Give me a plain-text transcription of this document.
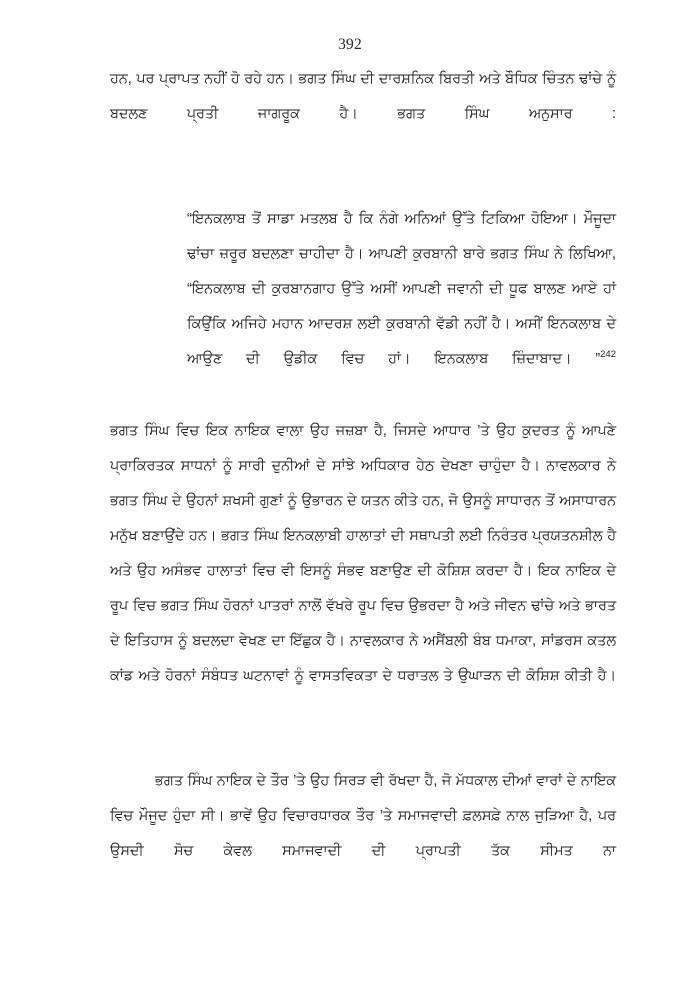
392

ਹਨ, ਪਰ ਪ੍ਰਾਪਤ ਨਹੀਂ ਹੋ ਰਹੇ ਹਨ। ਭਗਤ ਸਿੰਘ ਦੀ ਦਾਰਸ਼ਨਿਕ ਬਿਰਤੀ ਅਤੇ ਬੌਧਿਕ ਚਿੰਤਨ ਢਾਂਚੇ ਨੂੰ ਬਦਲਣ ਪ੍ਰਤੀ ਜਾਗਰੂਕ ਹੈ। ਭਗਤ ਸਿੰਘ ਅਨੁਸਾਰ :

“ਇਨਕਲਾਬ ਤੋਂ ਸਾਡਾ ਮਤਲਬ ਹੈ ਕਿ ਨੰਗੇ ਅਨਿਆਂ ਉੱਤੇ ਟਿਕਿਆ ਹੋਇਆ। ਮੌਜੂਦਾ ਢਾਂਚਾ ਜ਼ਰੂਰ ਬਦਲਣਾ ਚਾਹੀਦਾ ਹੈ। ਆਪਣੀ ਕੁਰਬਾਨੀ ਬਾਰੇ ਭਗਤ ਸਿੰਘ ਨੇ ਲਿਖਿਆ, “ਇਨਕਲਾਬ ਦੀ ਕੁਰਬਾਨਗਾਹ ਉੱਤੇ ਅਸੀਂ ਆਪਣੀ ਜਵਾਨੀ ਦੀ ਧੂਫ ਬਾਲਣ ਆਏ ਹਾਂ ਕਿਉਂਕਿ ਅਜਿਹੇ ਮਹਾਨ ਆਦਰਸ਼ ਲਈ ਕੁਰਬਾਨੀ ਵੱਡੀ ਨਹੀਂ ਹੈ। ਅਸੀਂ ਇਨਕਲਾਬ ਦੇ ਆਉਣ ਦੀ ਉਡੀਕ ਵਿਚ ਹਾਂ। ਇਨਕਲਾਬ ਜ਼ਿੰਦਾਬਾਦ। ”$^{242}$

ਭਗਤ ਸਿੰਘ ਵਿਚ ਇਕ ਨਾਇਕ ਵਾਲਾ ਉਹ ਜਜ਼ਬਾ ਹੈ, ਜਿਸਦੇ ਆਧਾਰ ’ਤੇ ਉਹ ਕੁਦਰਤ ਨੂੰ ਆਪਣੇ ਪ੍ਰਾਕਿਰਤਕ ਸਾਧਨਾਂ ਨੂੰ ਸਾਰੀ ਦੁਨੀਆਂ ਦੇ ਸਾਂਝੇ ਅਧਿਕਾਰ ਹੇਠ ਦੇਖਣਾ ਚਾਹੁੰਦਾ ਹੈ। ਨਾਵਲਕਾਰ ਨੇ ਭਗਤ ਸਿੰਘ ਦੇ ਉਹਨਾਂ ਸ਼ਖਸੀ ਗੁਣਾਂ ਨੂੰ ਉਭਾਰਨ ਦੇ ਯਤਨ ਕੀਤੇ ਹਨ, ਜੋ ਉਸਨੂੰ ਸਾਧਾਰਨ ਤੋਂ ਅਸਾਧਾਰਨ ਮਨੁੱਖ ਬਣਾਉਂਦੇ ਹਨ। ਭਗਤ ਸਿੰਘ ਇਨਕਲਾਬੀ ਹਾਲਾਤਾਂ ਦੀ ਸਥਾਪਤੀ ਲਈ ਨਿਰੰਤਰ ਪ੍ਰਯਤਨਸ਼ੀਲ ਹੈ ਅਤੇ ਉਹ ਅਸੰਭਵ ਹਾਲਾਤਾਂ ਵਿਚ ਵੀ ਇਸਨੂੰ ਸੰਭਵ ਬਣਾਉਣ ਦੀ ਕੋਸ਼ਿਸ਼ ਕਰਦਾ ਹੈ। ਇਕ ਨਾਇਕ ਦੇ ਰੂਪ ਵਿਚ ਭਗਤ ਸਿੰਘ ਹੋਰਨਾਂ ਪਾਤਰਾਂ ਨਾਲੋਂ ਵੱਖਰੇ ਰੂਪ ਵਿਚ ਉਭਰਦਾ ਹੈ ਅਤੇ ਜੀਵਨ ਢਾਂਚੇ ਅਤੇ ਭਾਰਤ ਦੇ ਇਤਿਹਾਸ ਨੂੰ ਬਦਲਦਾ ਵੇਖਣ ਦਾ ਇੱਛੁਕ ਹੈ। ਨਾਵਲਕਾਰ ਨੇ ਅਸੈਂਬਲੀ ਬੰਬ ਧਮਾਕਾ, ਸਾਂਡਰਸ ਕਤਲ ਕਾਂਡ ਅਤੇ ਹੋਰਨਾਂ ਸੰਬੰਧਤ ਘਟਨਾਵਾਂ ਨੂੰ ਵਾਸਤਵਿਕਤਾ ਦੇ ਧਰਾਤਲ ਤੇ ਉਘਾੜਨ ਦੀ ਕੋਸ਼ਿਸ਼ ਕੀਤੀ ਹੈ।

ਭਗਤ ਸਿੰਘ ਨਾਇਕ ਦੇ ਤੌਰ ’ਤੇ ਉਹ ਸਿਰੜ ਵੀ ਰੱਖਦਾ ਹੈ, ਜੋ ਮੱਧਕਾਲ ਦੀਆਂ ਵਾਰਾਂ ਦੇ ਨਾਇਕ ਵਿਚ ਮੌਜੂਦ ਹੁੰਦਾ ਸੀ। ਭਾਵੇਂ ਉਹ ਵਿਚਾਰਧਾਰਕ ਤੌਰ ’ਤੇ ਸਮਾਜਵਾਦੀ ਫ਼ਲਸਫ਼ੇ ਨਾਲ ਜੁੜਿਆ ਹੈ, ਪਰ ਉਸਦੀ ਸੋਚ ਕੇਵਲ ਸਮਾਜਵਾਦੀ ਦੀ ਪ੍ਰਾਪਤੀ ਤੱਕ ਸੀਮਤ ਨਾ
